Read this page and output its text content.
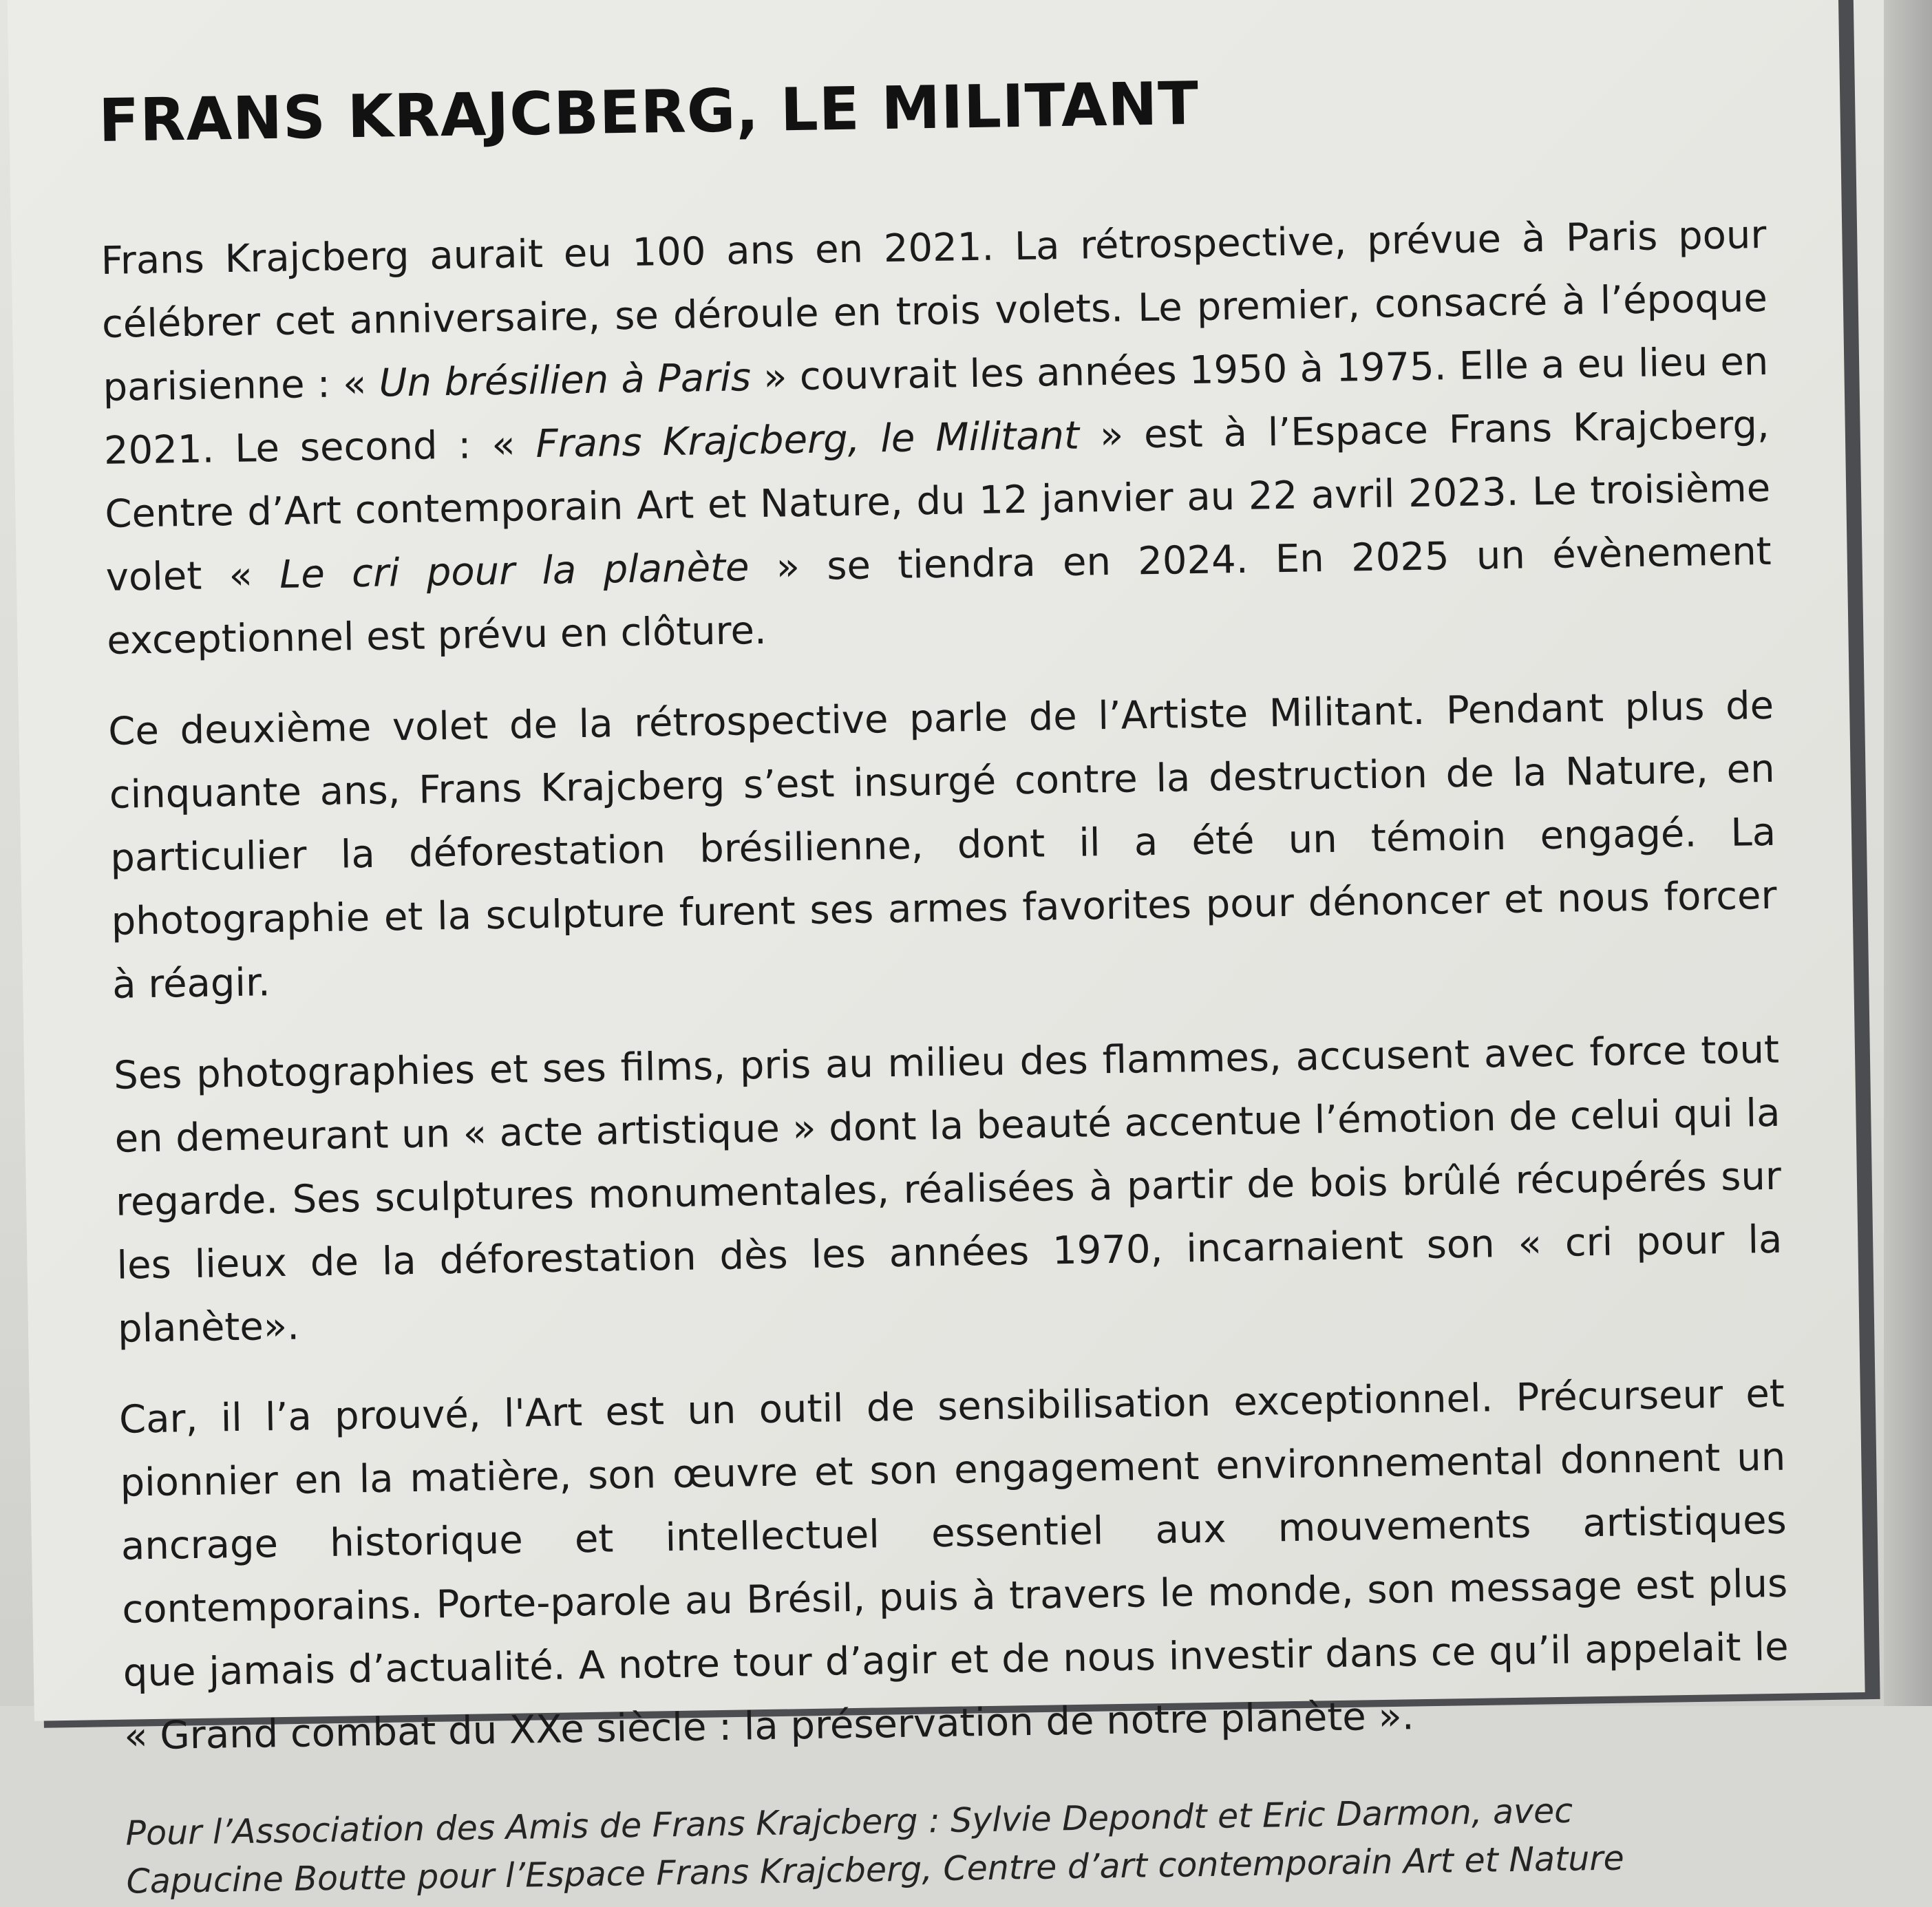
FRANS KRAJCBERG, LE MILITANT

Frans Krajcberg aurait eu 100 ans en 2021. La rétrospective, prévue à Paris pour célébrer cet anniversaire, se déroule en trois volets. Le premier, consacré à l’époque parisienne : « Un brésilien à Paris » couvrait les années 1950 à 1975. Elle a eu lieu en 2021. Le second : « Frans Krajcberg, le Militant » est à l’Espace Frans Krajcberg, Centre d’Art contemporain Art et Nature, du 12 janvier au 22 avril 2023. Le troisième volet « Le cri pour la planète » se tiendra en 2024. En 2025 un évènement exceptionnel est prévu en clôture.

Ce deuxième volet de la rétrospective parle de l’Artiste Militant. Pendant plus de cinquante ans, Frans Krajcberg s’est insurgé contre la destruction de la Nature, en particulier la déforestation brésilienne, dont il a été un témoin engagé. La photographie et la sculpture furent ses armes favorites pour dénoncer et nous forcer à réagir.

Ses photographies et ses films, pris au milieu des flammes, accusent avec force tout en demeurant un « acte artistique » dont la beauté accentue l’émotion de celui qui la regarde. Ses sculptures monumentales, réalisées à partir de bois brûlé récupérés sur les lieux de la déforestation dès les années 1970, incarnaient son « cri pour la planète».

Car, il l’a prouvé, l'Art est un outil de sensibilisation exceptionnel. Précurseur et pionnier en la matière, son œuvre et son engagement environnemental donnent un ancrage historique et intellectuel essentiel aux mouvements artistiques contemporains. Porte-parole au Brésil, puis à travers le monde, son message est plus que jamais d’actualité. A notre tour d’agir et de nous investir dans ce qu’il appelait le « Grand combat du XXe siècle : la préservation de notre planète ».

Pour l’Association des Amis de Frans Krajcberg : Sylvie Depondt et Eric Darmon, avec
Capucine Boutte pour l’Espace Frans Krajcberg, Centre d’art contemporain Art et Nature
